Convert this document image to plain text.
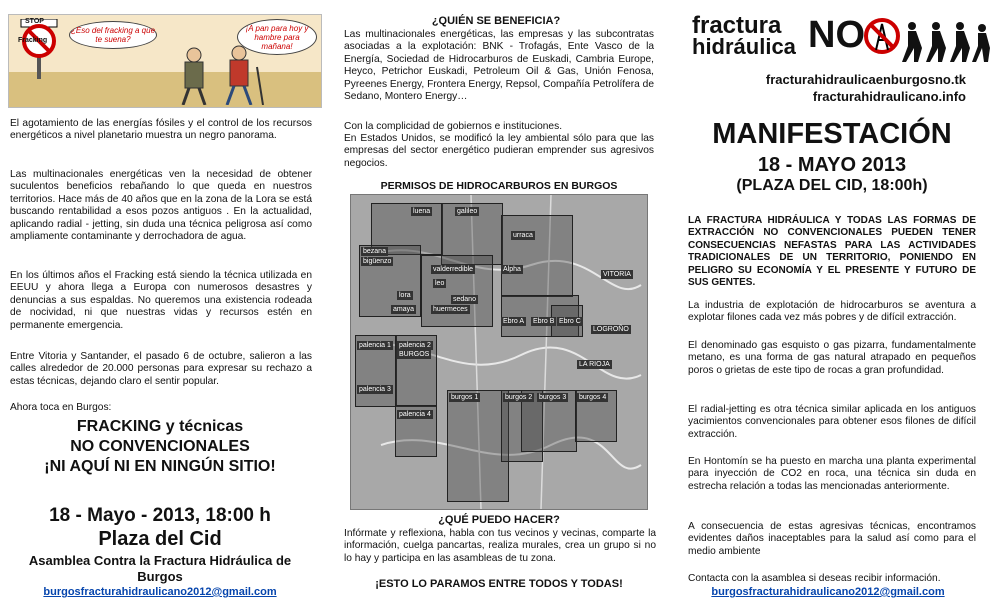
STOP
Fracking
¿Eso del fracking a que te suena?
¡A pan para hoy y hambre para mañana!

El agotamiento de las energías fósiles y el control de los recursos energéticos a nivel planetario muestra un negro panorama.

Las multinacionales energéticas ven la necesidad de obtener suculentos beneficios rebañando lo que queda en nuestros territorios. Hace más de 40 años que en la zona de la Lora se está buscando rentabilidad a esos pozos antiguos . En la actualidad, aplicando radial - jetting, sin duda una técnica peligrosa así como ampliamente contaminante y derrochadora de agua.

En los últimos años el Fracking está siendo la técnica utilizada en EEUU y ahora llega a Europa con numerosos desastres y denuncias a sus espaldas. No queremos una existencia rodeada de nocividad, ni que nuestras vidas y recursos estén en permanente emergencia.

Entre Vitoria y Santander, el pasado 6 de octubre, salieron a las calles alrededor de 20.000 personas para expresar su rechazo a estas técnicas, dejando claro el sentir popular.

Ahora toca en Burgos:

FRACKING y técnicas
NO CONVENCIONALES
¡NI AQUÍ NI EN NINGÚN SITIO!
18 - Mayo - 2013, 18:00 h
Plaza del Cid
Asamblea Contra la Fractura Hidráulica de
Burgos
burgosfracturahidraulicano2012@gmail.com
¿QUIÉN SE BENEFICIA?

Las multinacionales energéticas, las empresas y las subcontratas asociadas a la explotación: BNK - Trofagás, Ente Vasco de la Energía, Sociedad de Hidrocarburos de Euskadi, Cambria Europe, Heyco, Petrichor Euskadi, Petroleum Oil & Gas, Unión Fenosa, Pyreenes Energy, Frontera Energy, Repsol, Compañía Petrolífera de Sedano, Montero Energy…

Con la complicidad de gobiernos e instituciones.

En Estados Unidos, se modificó la ley ambiental sólo para que las empresas del sector energético pudieran emprender sus agresivos negocios.

PERMISOS DE HIDROCARBUROS EN BURGOS
luena	galileo
bezana
bigüenzo
valderredible
urraca
leo
lora
sedano
huermeces
amaya
Alpha
BURGOS
Ebro A Ebro B Ebro C
VITORIA
LOGROÑO
LA RIOJA
palencia 1 palencia 2
palencia 3
palencia 4
burgos 1	burgos 2 burgos 3 burgos 4
¿QUÉ PUEDO HACER?

Infórmate y reflexiona, habla con tus vecinos y vecinas, comparte la información, cuelga pancartas, realiza murales, crea un grupo si no lo hay y participa en las asambleas de tu zona.

¡ESTO LO PARAMOS ENTRE TODOS Y TODAS!
fractura
hidráulica NO
fracturahidraulicaenburgosno.tk
fracturahidraulicano.info
MANIFESTACIÓN
18 - MAYO 2013
(PLAZA DEL CID, 18:00h)

LA FRACTURA HIDRÁULICA Y TODAS LAS FORMAS DE EXTRACCIÓN NO CONVENCIONALES PUEDEN TENER CONSECUENCIAS NEFASTAS PARA LAS ACTIVIDADES TRADICIONALES DE UN TERRITORIO, PONIENDO EN PELIGRO SU ECONOMÍA Y EL PRESENTE Y FUTURO DE SUS GENTES.

La industria de explotación de hidrocarburos se aventura a explotar filones cada vez más pobres y de difícil extracción.

El denominado gas esquisto o gas pizarra, fundamentalmente metano, es una forma de gas natural atrapado en pequeños poros o grietas de este tipo de rocas a gran profundidad.

El radial-jetting es otra técnica similar aplicada en los antiguos yacimientos convencionales para obtener esos filones de difícil extracción.

En Hontomín se ha puesto en marcha una planta experimental para inyección de CO2 en roca, una técnica sin duda en estrecha relación a todas las mencionadas anteriormente.

A consecuencia de estas agresivas técnicas, encontramos evidentes daños inaceptables para la salud así como para el medio ambiente

Contacta con la asamblea si deseas recibir información.

burgosfracturahidraulicano2012@gmail.com
